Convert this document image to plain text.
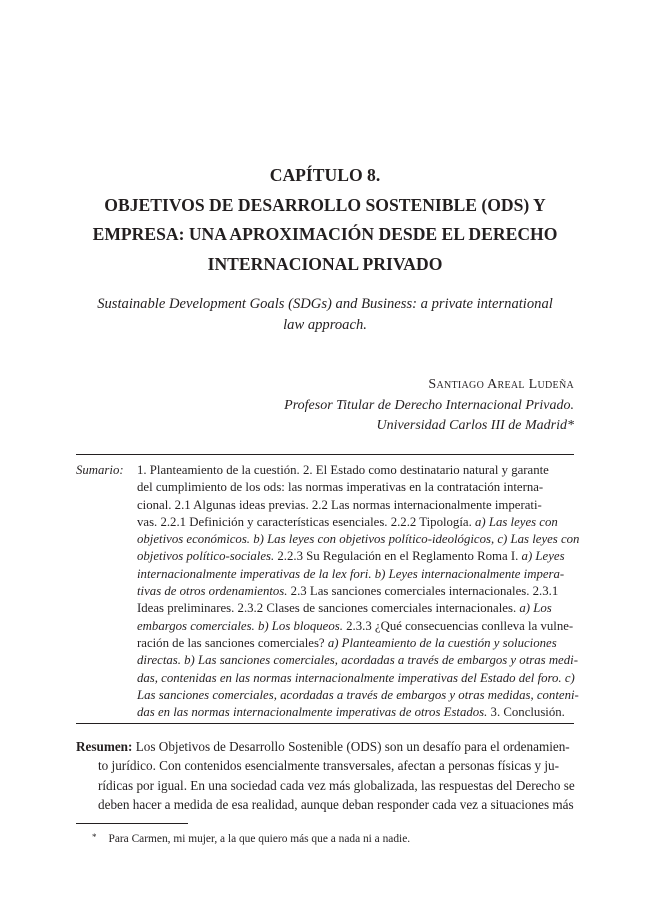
CAPÍTULO 8.
OBJETIVOS DE DESARROLLO SOSTENIBLE (ODS) Y
EMPRESA: UNA APROXIMACIÓN DESDE EL DERECHO
INTERNACIONAL PRIVADO
Sustainable Development Goals (SDGs) and Business: a private international
law approach.
Santiago Areal Ludeña
Profesor Titular de Derecho Internacional Privado.
Universidad Carlos III de Madrid*
Sumario: 1. Planteamiento de la cuestión. 2. El Estado como destinatario natural y garante
del cumplimiento de los ods: las normas imperativas en la contratación interna-
cional. 2.1 Algunas ideas previas. 2.2 Las normas internacionalmente imperati-
vas. 2.2.1 Definición y características esenciales. 2.2.2 Tipología. a) Las leyes con
objetivos económicos. b) Las leyes con objetivos político-ideológicos, c) Las leyes con
objetivos político-sociales. 2.2.3 Su Regulación en el Reglamento Roma I. a) Leyes
internacionalmente imperativas de la lex fori. b) Leyes internacionalmente impera-
tivas de otros ordenamientos. 2.3 Las sanciones comerciales internacionales. 2.3.1
Ideas preliminares. 2.3.2 Clases de sanciones comerciales internacionales. a) Los
embargos comerciales. b) Los bloqueos. 2.3.3 ¿Qué consecuencias conlleva la vulne-
ración de las sanciones comerciales? a) Planteamiento de la cuestión y soluciones
directas. b) Las sanciones comerciales, acordadas a través de embargos y otras medi-
das, contenidas en las normas internacionalmente imperativas del Estado del foro. c)
Las sanciones comerciales, acordadas a través de embargos y otras medidas, conteni-
das en las normas internacionalmente imperativas de otros Estados. 3. Conclusión.
Resumen: Los Objetivos de Desarrollo Sostenible (ODS) son un desafío para el ordenamien-
to jurídico. Con contenidos esencialmente transversales, afectan a personas físicas y ju-
rídicas por igual. En una sociedad cada vez más globalizada, las respuestas del Derecho se
deben hacer a medida de esa realidad, aunque deban responder cada vez a situaciones más
* Para Carmen, mi mujer, a la que quiero más que a nada ni a nadie.
